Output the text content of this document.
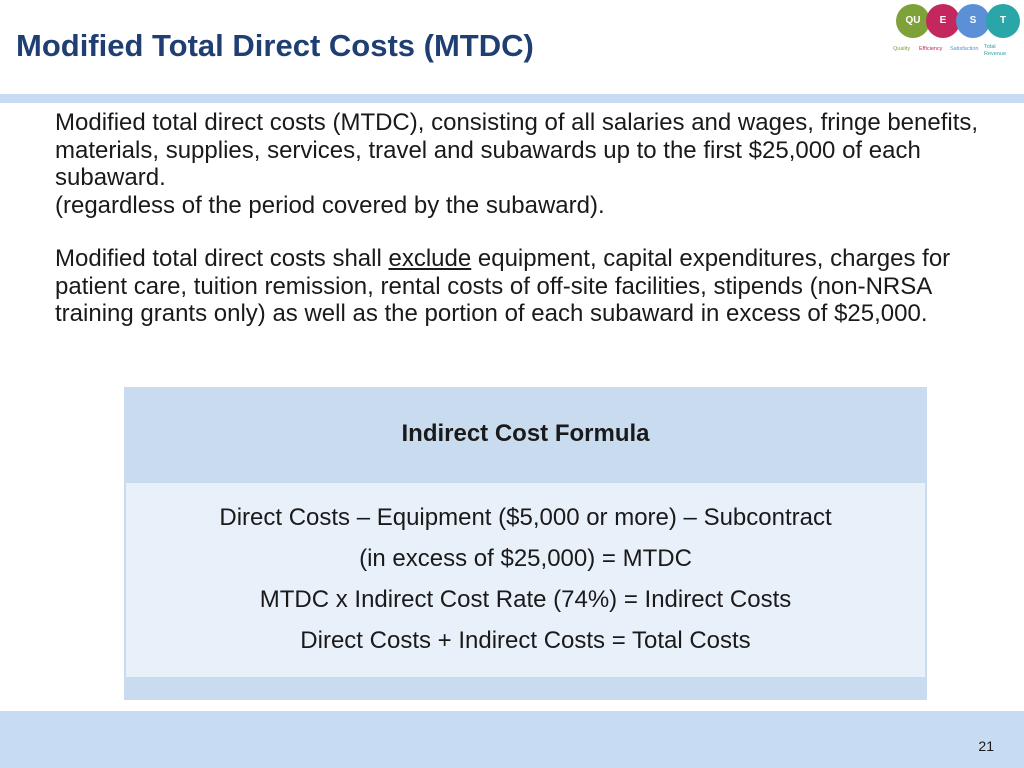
Modified Total Direct Costs (MTDC)
QU	E	S	T
Quality Efficiency Satisfaction Total
Revenue
Modified total direct costs (MTDC), consisting of all salaries and wages, fringe benefits, materials, supplies, services, travel and subawards up to the first $25,000 of each subaward.
(regardless of the period covered by the subaward).
Modified total direct costs shall exclude equipment, capital expenditures, charges for patient care, tuition remission, rental costs of off-site facilities, stipends (non-NRSA training grants only) as well as the portion of each subaward in excess of $25,000.
Indirect Cost Formula
Direct Costs – Equipment ($5,000 or more) – Subcontract
(in excess of $25,000) = MTDC
MTDC x Indirect Cost Rate (74%) = Indirect Costs
Direct Costs + Indirect Costs = Total Costs
21
